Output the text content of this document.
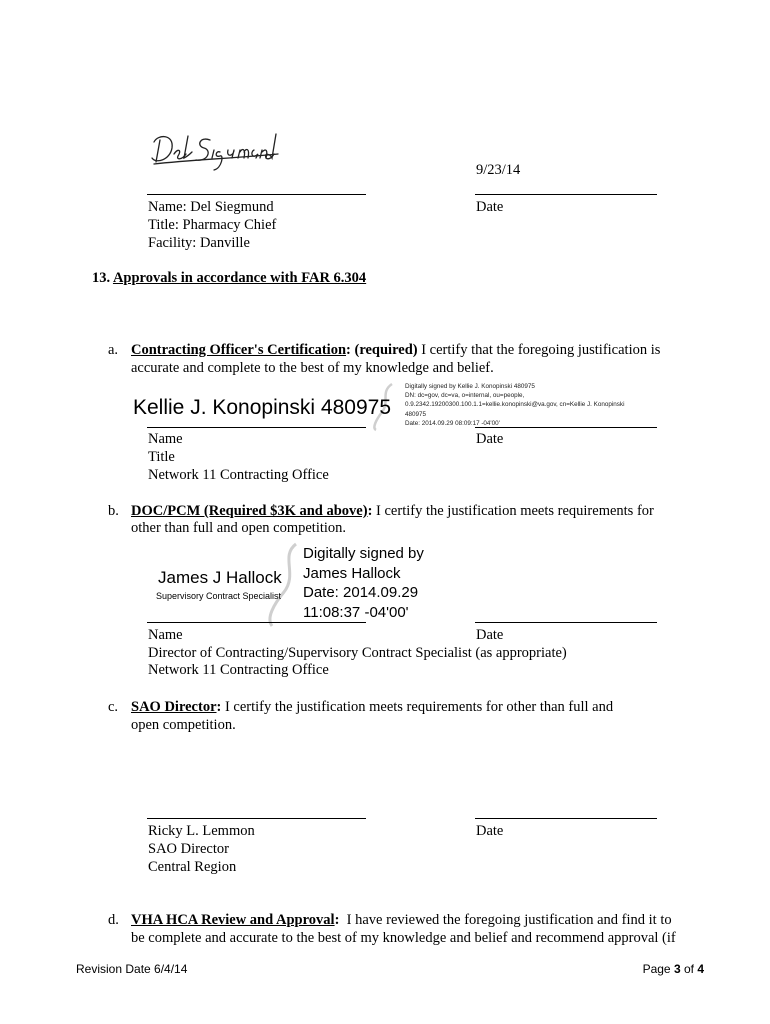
9/23/14
Name: Del Siegmund	Date
Title: Pharmacy Chief
Facility: Danville
13. Approvals in accordance with FAR 6.304
a. Contracting Officer's Certification: (required) I certify that the foregoing justification is
accurate and complete to the best of my knowledge and belief.
Kellie J. Konopinski 480975
Digitally signed by Kellie J. Konopinski 480975
DN: dc=gov, dc=va, o=internal, ou=people,
0.9.2342.19200300.100.1.1=kellie.konopinski@va.gov, cn=Kellie J. Konopinski
480975
Date: 2014.09.29 08:09:17 -04'00'
Name	Date
Title
Network 11 Contracting Office
b. DOC/PCM (Required $3K and above): I certify the justification meets requirements for
other than full and open competition.
James J Hallock
Supervisory Contract Specialist
Digitally signed by
James Hallock
Date: 2014.09.29
11:08:37 -04'00'
Name	Date
Director of Contracting/Supervisory Contract Specialist (as appropriate)
Network 11 Contracting Office
c. SAO Director: I certify the justification meets requirements for other than full and
open competition.
Ricky L. Lemmon	Date
SAO Director
Central Region
d. VHA HCA Review and Approval:  I have reviewed the foregoing justification and find it to
be complete and accurate to the best of my knowledge and belief and recommend approval (if
Revision Date 6/4/14	Page 3 of 4
